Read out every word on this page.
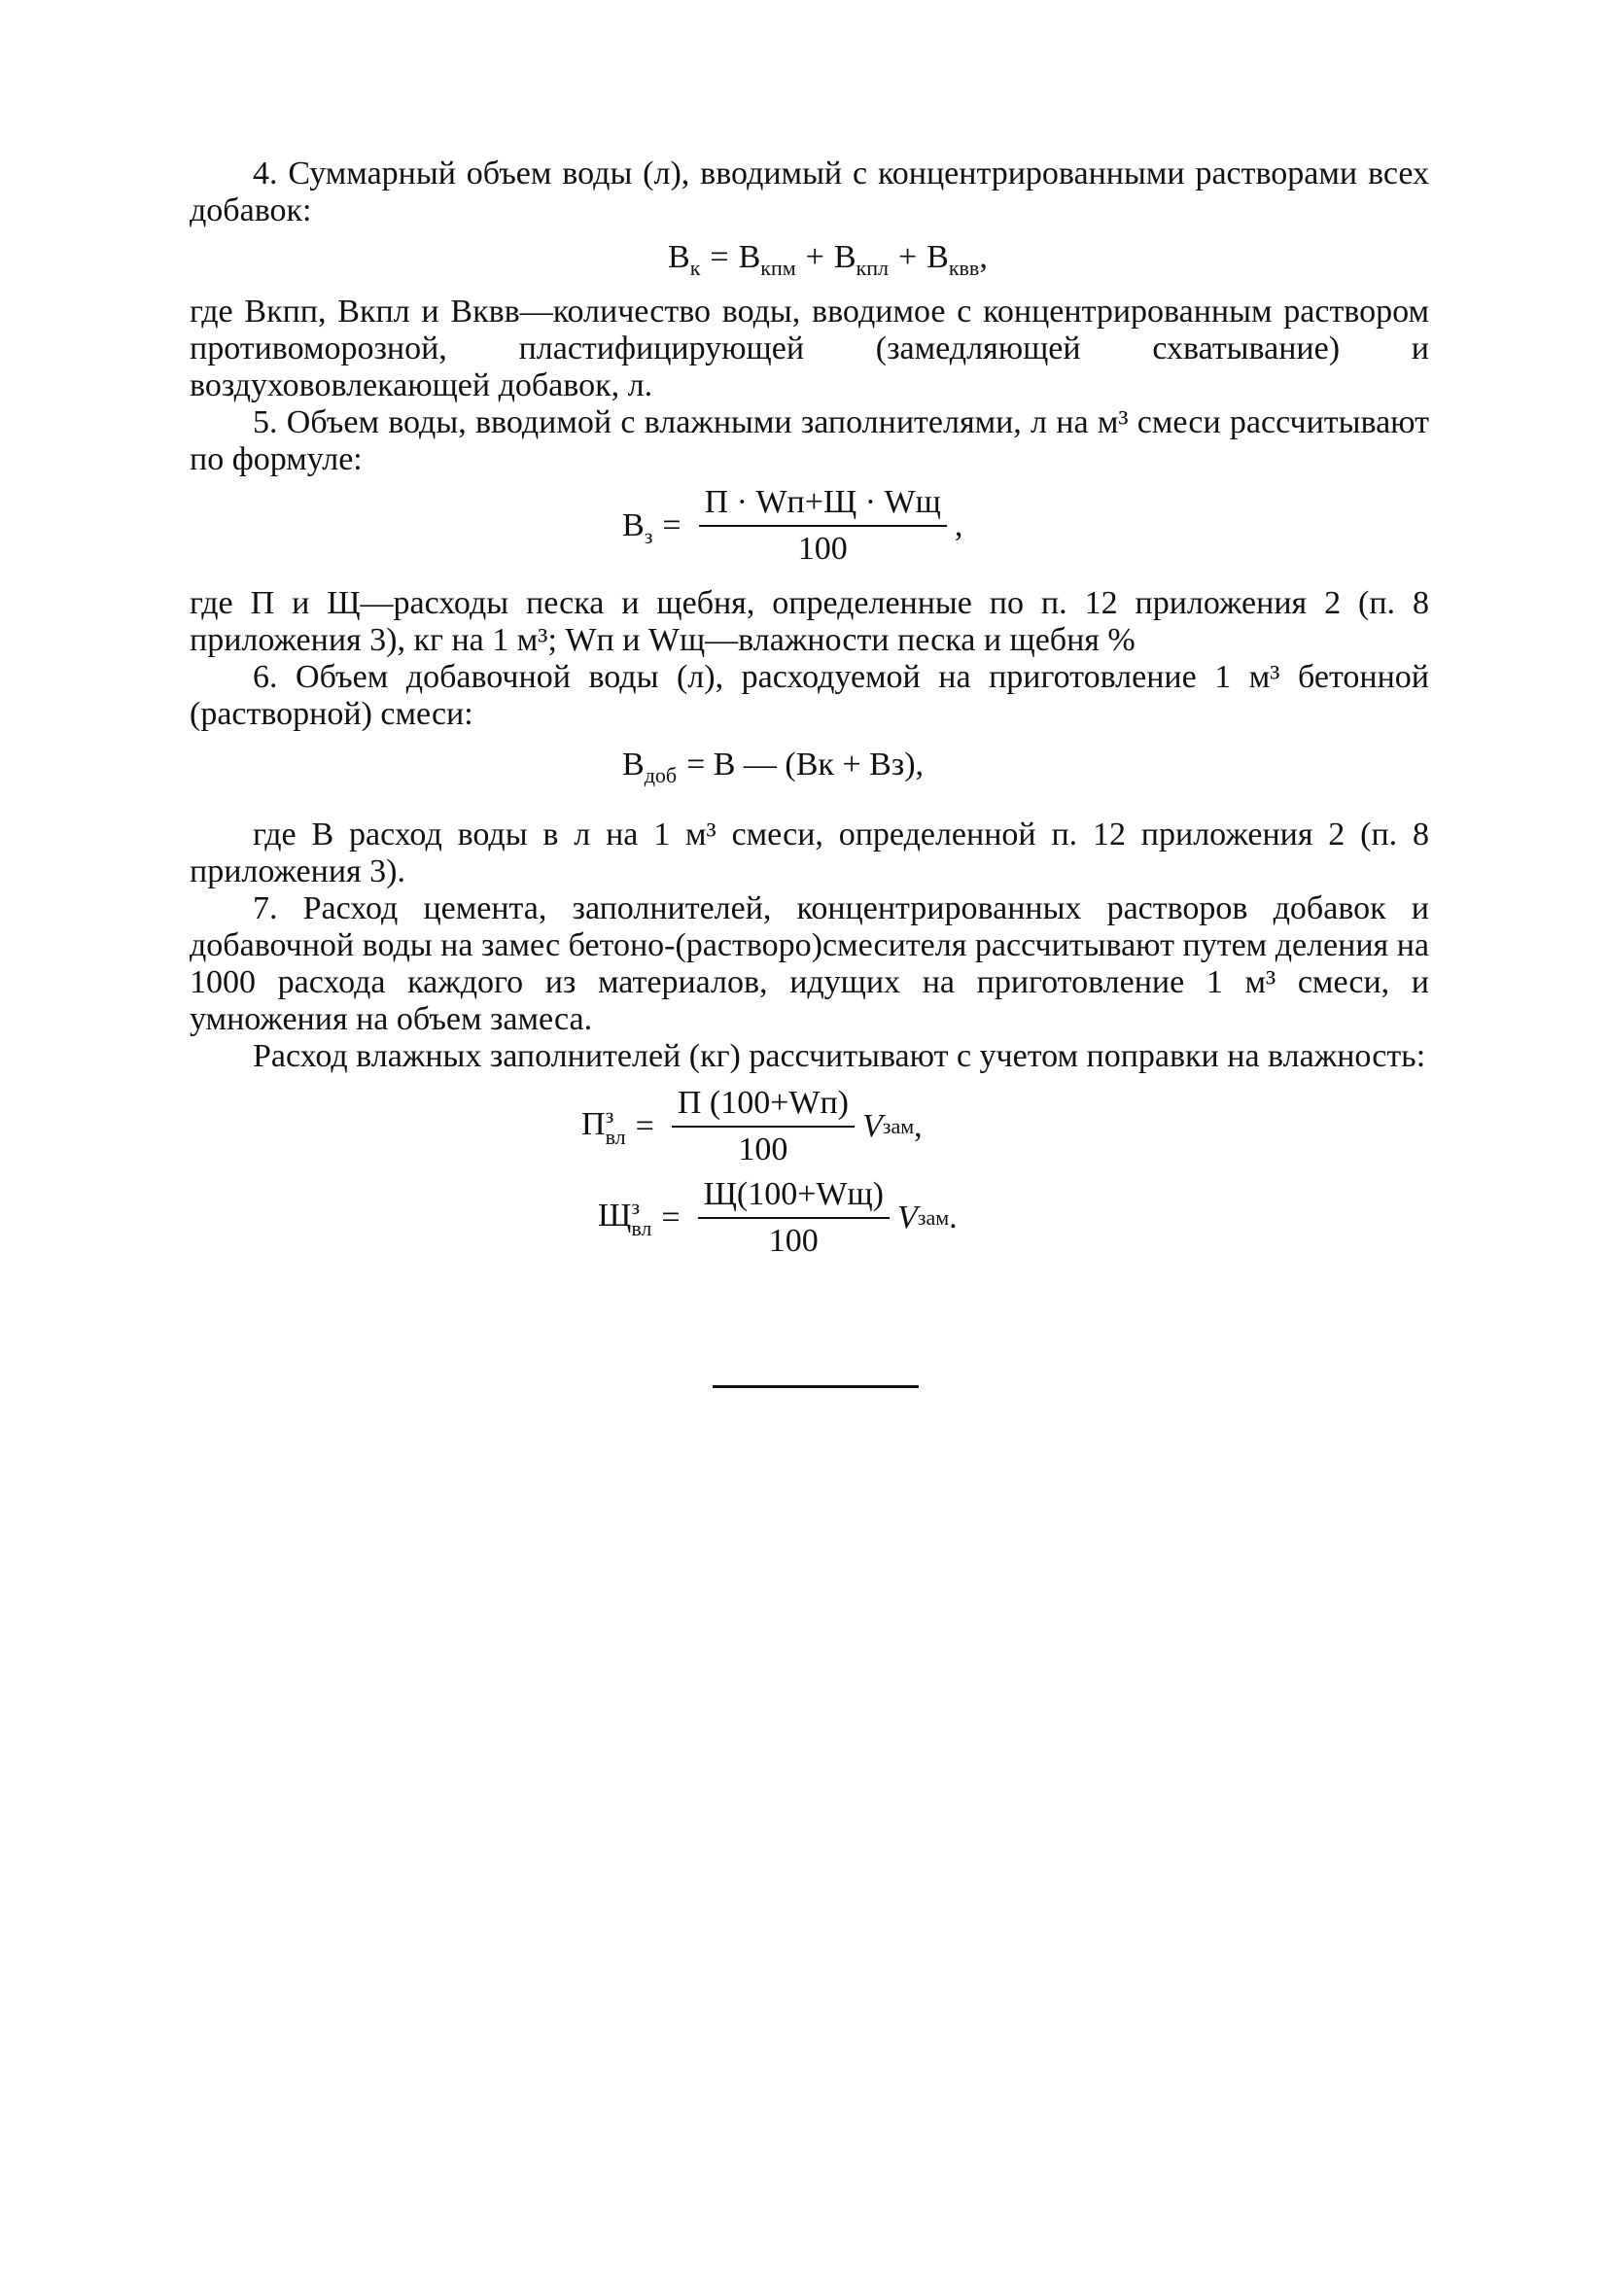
4. Суммарный объем воды (л), вводимый с концентрированными растворами всех добавок:

$В_к = В_{кпм} + В_{кпл} + В_{квв}$ ,

где Вкпп, Вкпл и Вквв—количество воды, вводимое с концентрированным раствором противоморозной, пластифицирующей (замедляющей схватывание) и воздухововлекающей добавок, л.

5. Объем воды, вводимой с влажными заполнителями, л на м³ смеси рассчитывают по формуле:

$В_з = \frac{П \cdot Wп+Щ \cdot Wщ}{100}$ ,

где П и Щ—расходы песка и щебня, определенные по п. 12 приложения 2 (п. 8 приложения 3), кг на 1 м³; Wп и Wщ—влажности песка и щебня %

6. Объем добавочной воды (л), расходуемой на приготовление 1 м³ бетонной (растворной) смеси:

$В_{доб} = В$ — (Вк + Вз),

где В расход воды в л на 1 м³ смеси, определенной п. 12 приложения 2 (п. 8 приложения 3).

7. Расход цемента, заполнителей, концентрированных растворов добавок и добавочной воды на замес бетоно-(растворо)смесителя рассчитывают путем деления на 1000 расхода каждого из материалов, идущих на приготовление 1 м³ смеси, и умножения на объем замеса.

Расход влажных заполнителей (кг) рассчитывают с учетом поправки на влажность:

П з
вл = $\frac{П (100+Wп)}{100}$ V зам ,
Щ з
вл = $\frac{Щ(100+Wщ)}{100}$ V зам .
